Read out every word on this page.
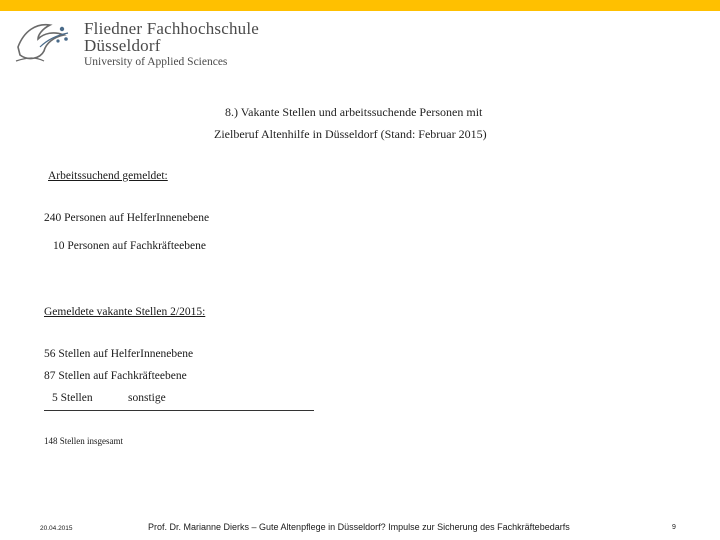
Fliedner Fachhochschule
Düsseldorf
University of Applied Sciences
8.) Vakante Stellen und arbeitssuchende Personen mit
Zielberuf Altenhilfe in Düsseldorf (Stand: Februar 2015)
Arbeitssuchend gemeldet:
240 Personen auf HelferInnenebene
10 Personen auf Fachkräfteebene
Gemeldete vakante Stellen 2/2015:
56 Stellen auf HelferInnenebene
87 Stellen auf Fachkräfteebene
5 Stellen	sonstige
148 Stellen insgesamt
20.04.2015	Prof. Dr. Marianne Dierks – Gute Altenpflege in Düsseldorf? Impulse zur Sicherung des Fachkräftebedarfs	9
